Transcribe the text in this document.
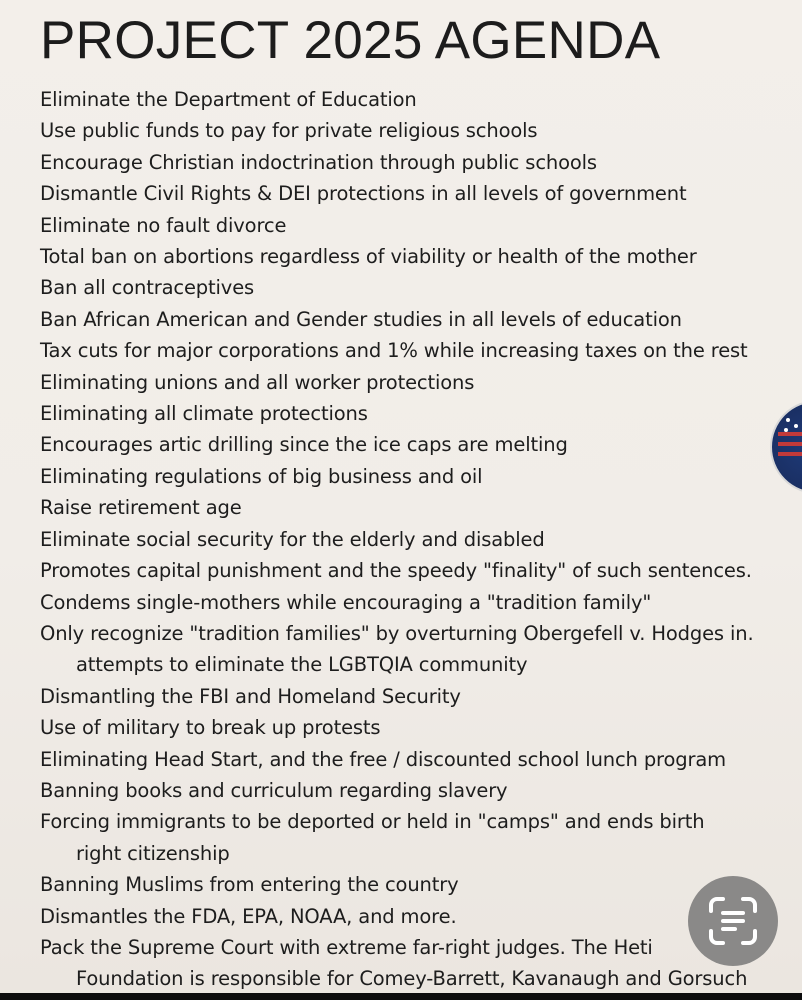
PROJECT 2025 AGENDA
Eliminate the Department of Education
Use public funds to pay for private religious schools
Encourage Christian indoctrination through public schools
Dismantle Civil Rights & DEI protections in all levels of government
Eliminate no fault divorce
Total ban on abortions regardless of viability or health of the mother
Ban all contraceptives
Ban African American and Gender studies in all levels of education
Tax cuts for major corporations and 1% while increasing taxes on the rest
Eliminating unions and all worker protections
Eliminating all climate protections
Encourages artic drilling since the ice caps are melting
Eliminating regulations of big business and oil
Raise retirement age
Eliminate social security for the elderly and disabled
Promotes capital punishment and the speedy "finality" of such sentences.
Condems single-mothers while encouraging a "tradition family"
Only recognize "tradition families" by overturning Obergefell v. Hodges in.
attempts to eliminate the LGBTQIA community
Dismantling the FBI and Homeland Security
Use of military to break up protests
Eliminating Head Start, and the free / discounted school lunch program
Banning books and curriculum regarding slavery
Forcing immigrants to be deported or held in "camps" and ends birth
right citizenship
Banning Muslims from entering the country
Dismantles the FDA, EPA, NOAA, and more.
Pack the Supreme Court with extreme far-right judges. The Heti
Foundation is responsible for Comey-Barrett, Kavanaugh and Gorsuch
